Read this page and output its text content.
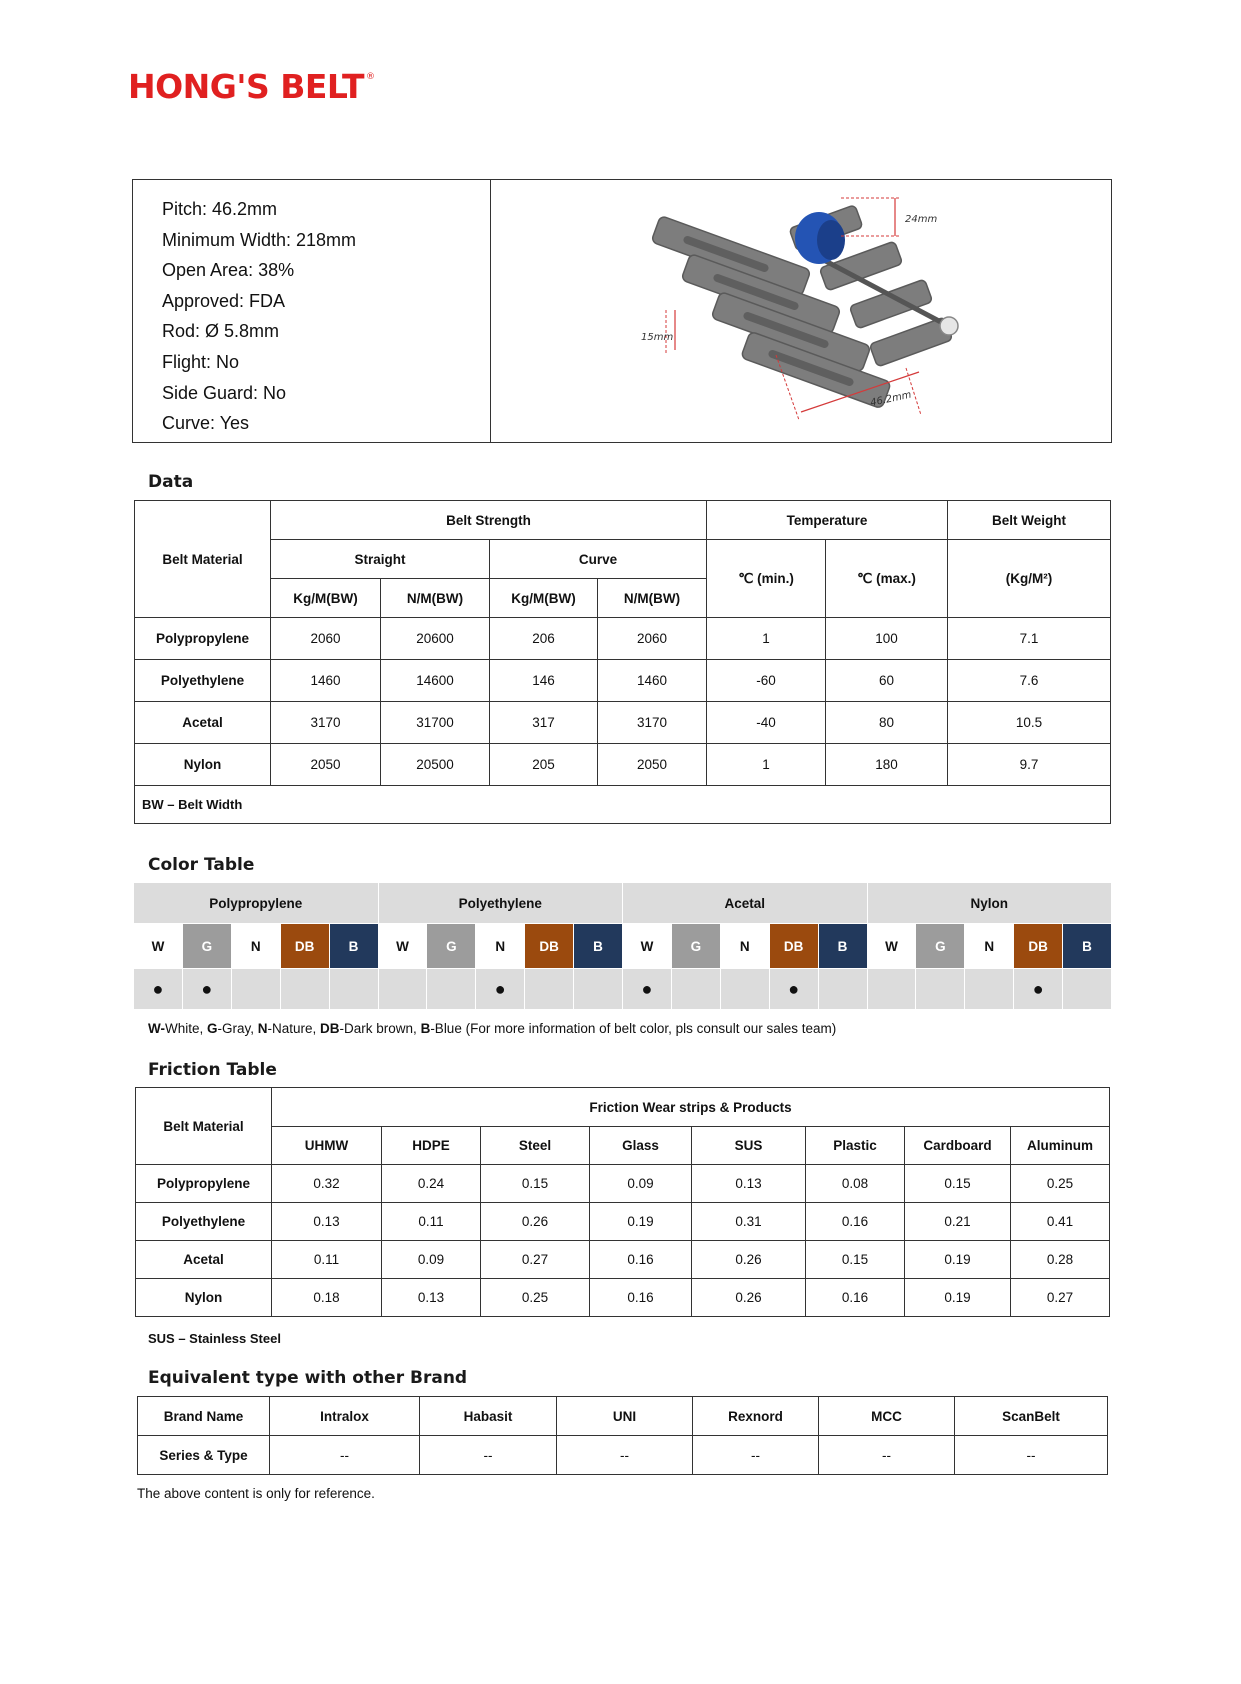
HONG'S BELT ®
Pitch: 46.2mm
Minimum Width: 218mm
Open Area: 38%
Approved: FDA
Rod: Ø 5.8mm
Flight: No
Side Guard: No
Curve: Yes
24mm
15mm
46.2mm
Data
Belt Material	Belt Strength				Temperature		Belt Weight
	Straight		Curve		℃ (min.)	℃ (max.)	(Kg/M²)
	Kg/M(BW)	N/M(BW)	Kg/M(BW)	N/M(BW)			
Polypropylene	2060	20600	206	2060	1	100	7.1
Polyethylene	1460	14600	146	1460	-60	60	7.6
Acetal	3170	31700	317	3170	-40	80	10.5
Nylon	2050	20500	205	2050	1	180	9.7
BW – Belt Width							
Color Table
Polypropylene					Polyethylene					Acetal					Nylon				
W	G	N	DB	B	W	G	N	DB	B	W	G	N	DB	B	W	G	N	DB	B
●	●						●			●			●					●	
W-White, G-Gray, N-Nature, DB-Dark brown, B-Blue (For more information of belt color, pls consult our sales team)
Friction Table
Belt Material	Friction Wear strips & Products							
	UHMW	HDPE	Steel	Glass	SUS	Plastic	Cardboard	Aluminum
Polypropylene	0.32	0.24	0.15	0.09	0.13	0.08	0.15	0.25
Polyethylene	0.13	0.11	0.26	0.19	0.31	0.16	0.21	0.41
Acetal	0.11	0.09	0.27	0.16	0.26	0.15	0.19	0.28
Nylon	0.18	0.13	0.25	0.16	0.26	0.16	0.19	0.27
SUS – Stainless Steel
Equivalent type with other Brand
Brand Name	Intralox	Habasit	UNI	Rexnord	MCC	ScanBelt
Series & Type	--	--	--	--	--	--
The above content is only for reference.
